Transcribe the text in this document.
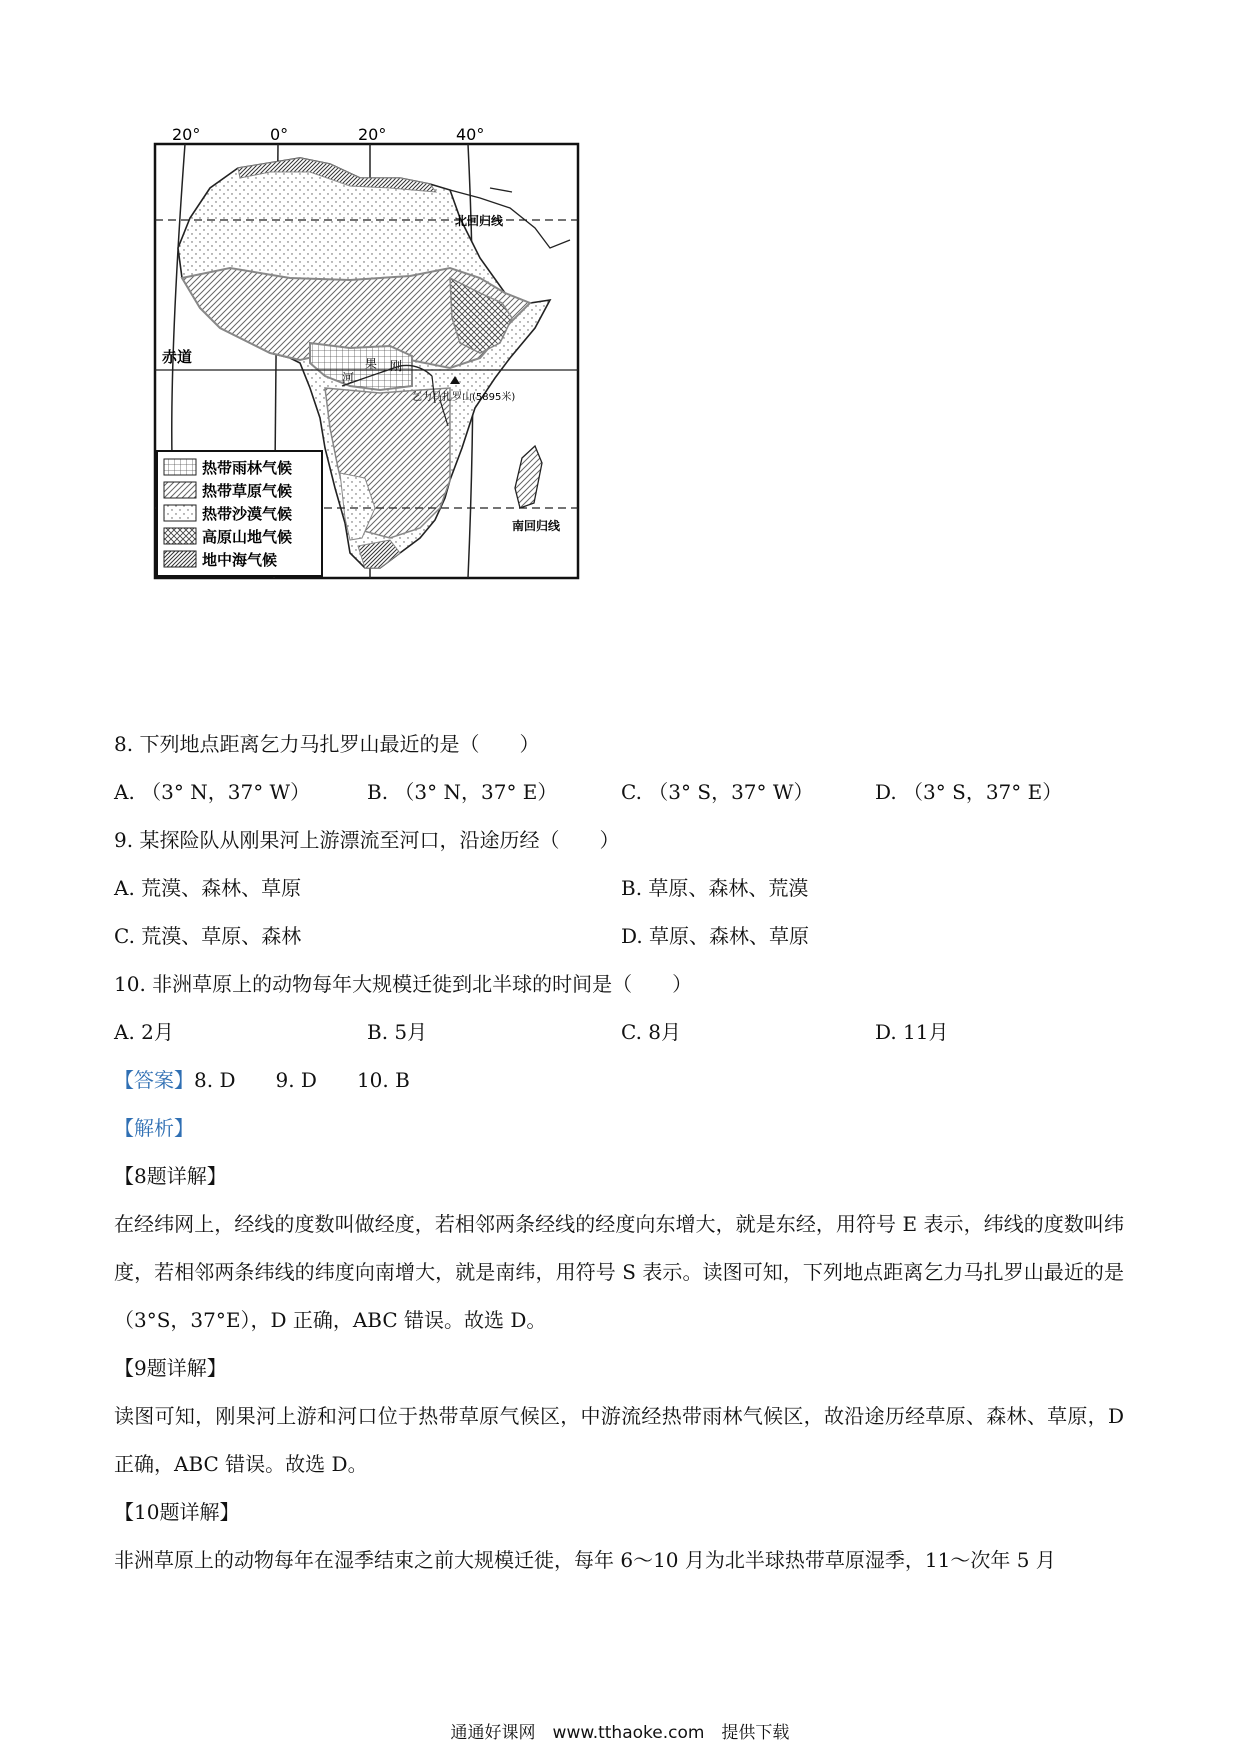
20°	0°	20°	40°
北回归线
赤道
南回归线
果 刚
河
乞力马扎罗山(5895米)
热带雨林气候
热带草原气候
热带沙漠气候
高原山地气候
地中海气候
8. 下列地点距离乞力马扎罗山最近的是（　　）
A. （3° N，37° W）	B. （3° N，37° E）	C. （3° S，37° W）	D. （3° S，37° E）
9. 某探险队从刚果河上游漂流至河口，沿途历经（　　）
A. 荒漠、森林、草原	B. 草原、森林、荒漠
C. 荒漠、草原、森林	D. 草原、森林、草原
10. 非洲草原上的动物每年大规模迁徙到北半球的时间是（　　）
A. 2月	B. 5月	C. 8月	D. 11月
【答案】8. D　　9. D　　10. B
【解析】
【8题详解】
在经纬网上，经线的度数叫做经度，若相邻两条经线的经度向东增大，就是东经，用符号 E 表示，纬线的度数叫纬度，若相邻两条纬线的纬度向南增大，就是南纬，用符号 S 表示。读图可知，下列地点距离乞力马扎罗山最近的是（3°S，37°E），D 正确，ABC 错误。故选 D。
【9题详解】
读图可知，刚果河上游和河口位于热带草原气候区，中游流经热带雨林气候区，故沿途历经草原、森林、草原，D 正确，ABC 错误。故选 D。
【10题详解】
非洲草原上的动物每年在湿季结束之前大规模迁徙，每年 6～10 月为北半球热带草原湿季，11～次年 5 月
通通好课网　www.tthaoke.com　提供下载
